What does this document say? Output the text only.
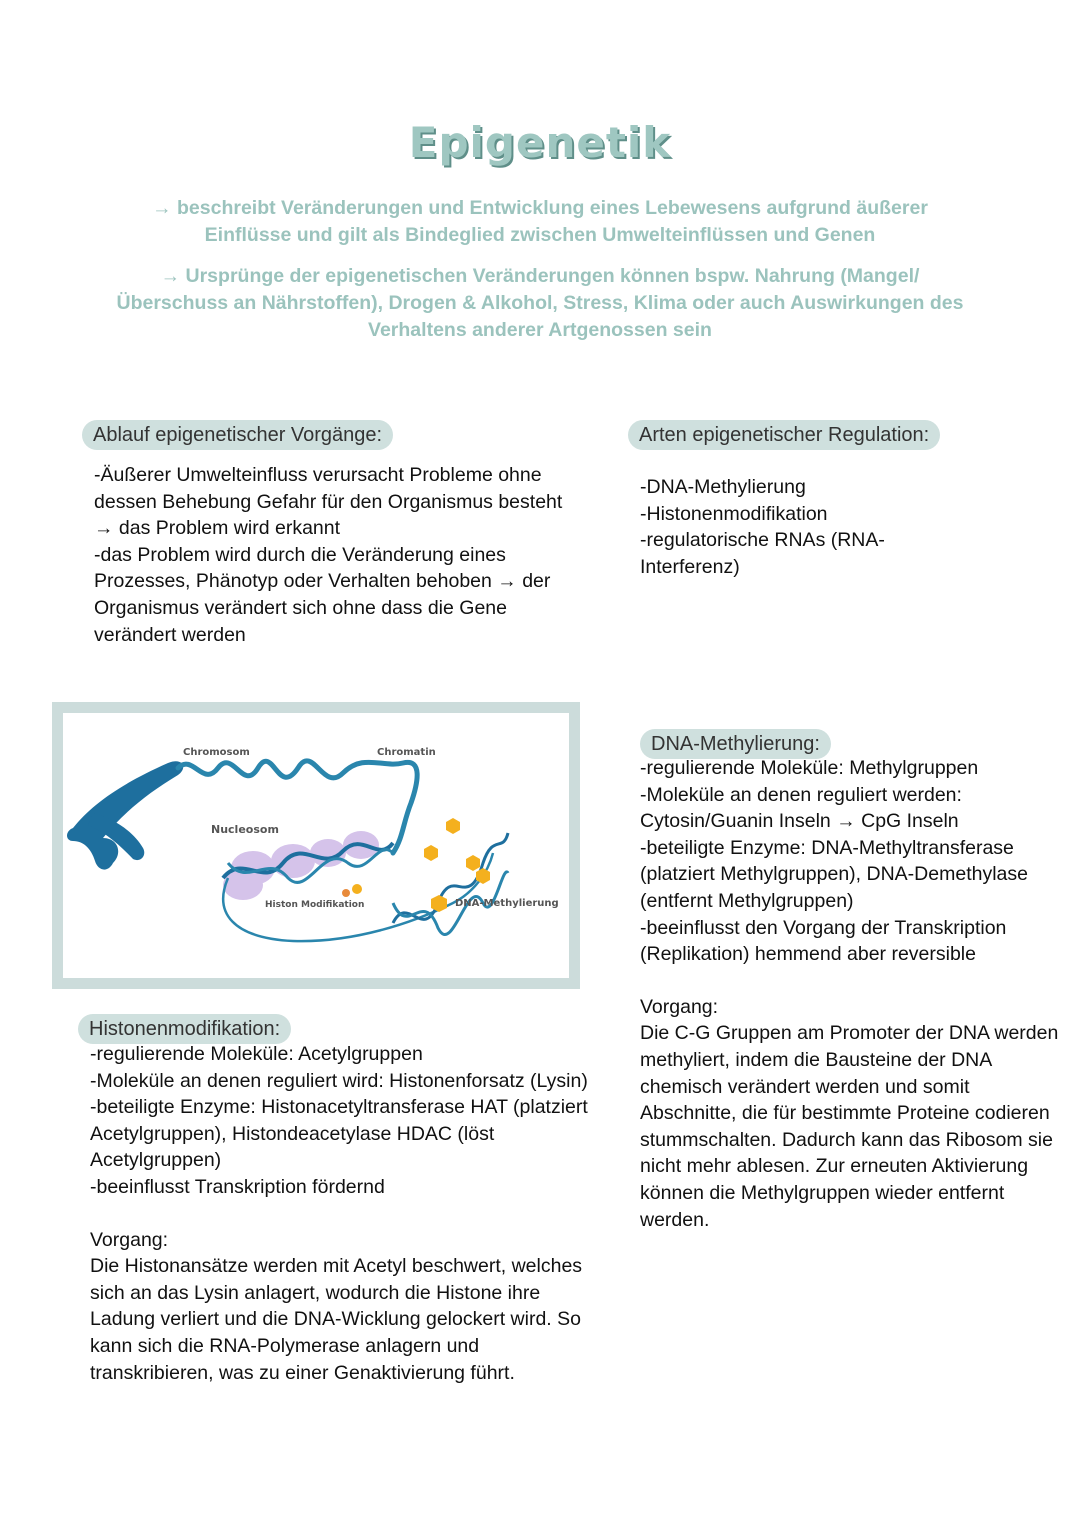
Epigenetik
→ beschreibt Veränderungen und Entwicklung eines Lebewesens aufgrund äußerer Einflüsse und gilt als Bindeglied zwischen Umwelteinflüssen und Genen
→ Ursprünge der epigenetischen Veränderungen können bspw. Nahrung (Mangel/Überschuss an Nährstoffen), Drogen & Alkohol, Stress, Klima oder auch Auswirkungen des Verhaltens anderer Artgenossen sein
Ablauf epigenetischer Vorgänge:

-Äußerer Umwelteinfluss verursacht Probleme ohne

dessen Behebung Gefahr für den Organismus besteht

→ das Problem wird erkannt

-das Problem wird durch die Veränderung eines

Prozesses, Phänotyp oder Verhalten behoben → der

Organismus verändert sich ohne dass die Gene

verändert werden

Arten epigenetischer Regulation:

-DNA-Methylierung

-Histonenmodifikation

-regulatorische RNAs (RNA-

Interferenz)

Chromosom	Chromatin
Nucleosom
Histon Modifikation	DNA-Methylierung
DNA-Methylierung:

-regulierende Moleküle: Methylgruppen

-Moleküle an denen reguliert werden:

Cytosin/Guanin Inseln → CpG Inseln

-beteiligte Enzyme: DNA-Methyltransferase

(platziert Methylgruppen), DNA-Demethylase

(entfernt Methylgruppen)

-beeinflusst den Vorgang der Transkription

(Replikation) hemmend aber reversible

Vorgang:

Die C-G Gruppen am Promoter der DNA werden

methyliert, indem die Bausteine der DNA

chemisch verändert werden und somit

Abschnitte, die für bestimmte Proteine codieren

stummschalten. Dadurch kann das Ribosom sie

nicht mehr ablesen. Zur erneuten Aktivierung

können die Methylgruppen wieder entfernt

werden.

Histonenmodifikation:

-regulierende Moleküle: Acetylgruppen

-Moleküle an denen reguliert wird: Histonenforsatz (Lysin)

-beteiligte Enzyme: Histonacetyltransferase HAT (platziert

Acetylgruppen), Histondeacetylase HDAC (löst

Acetylgruppen)

-beeinflusst Transkription fördernd

Vorgang:

Die Histonansätze werden mit Acetyl beschwert, welches

sich an das Lysin anlagert, wodurch die Histone ihre

Ladung verliert und die DNA-Wicklung gelockert wird. So

kann sich die RNA-Polymerase anlagern und

transkribieren, was zu einer Genaktivierung führt.
